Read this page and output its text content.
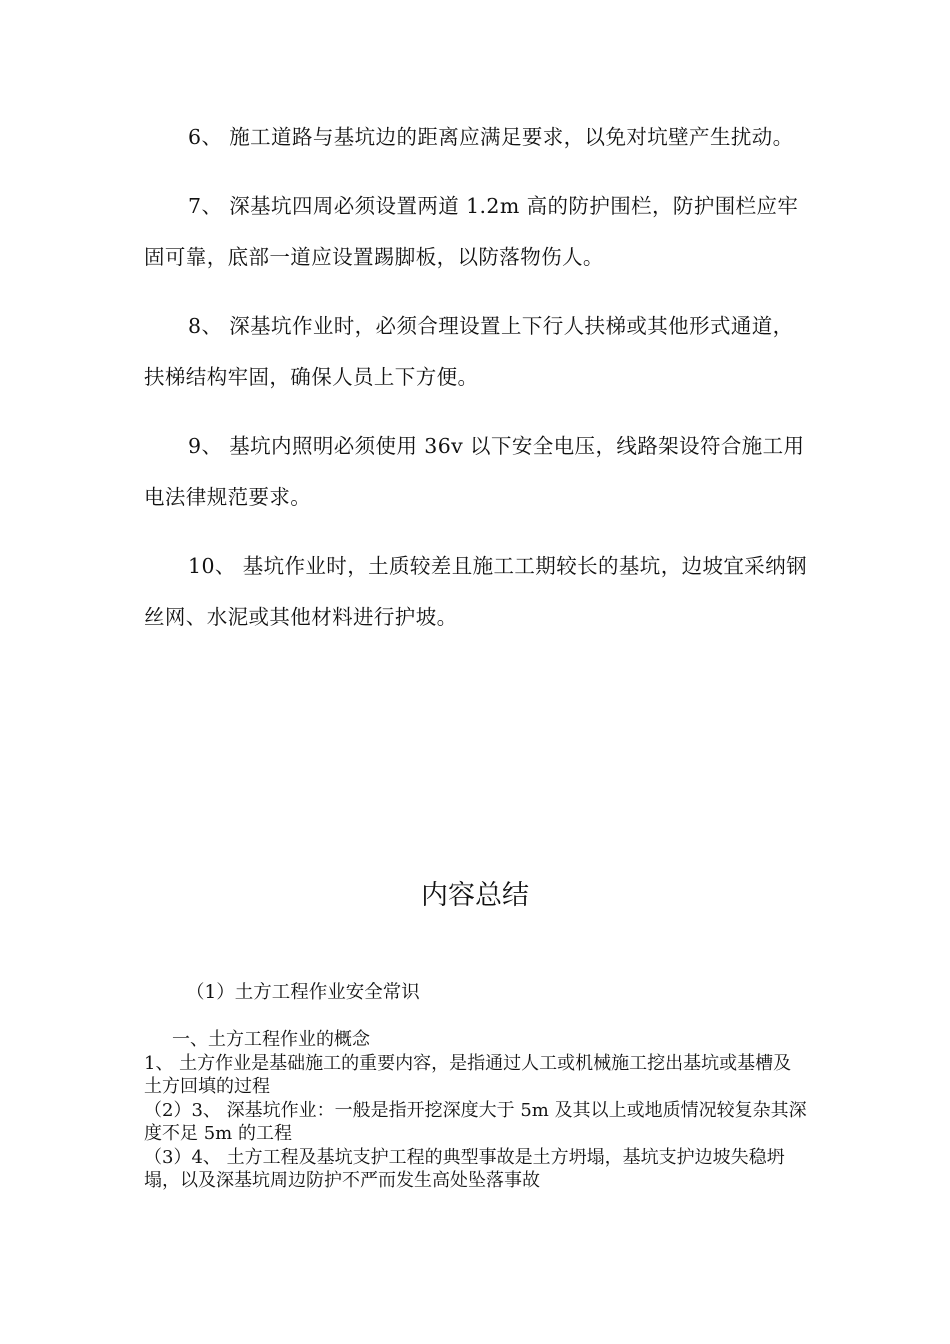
6、 施工道路与基坑边的距离应满足要求，以免对坑壁产生扰动。

7、 深基坑四周必须设置两道 1.2m 高的防护围栏，防护围栏应牢固可靠，底部一道应设置踢脚板，以防落物伤人。

8、 深基坑作业时，必须合理设置上下行人扶梯或其他形式通道，扶梯结构牢固，确保人员上下方便。

9、 基坑内照明必须使用 36v 以下安全电压，线路架设符合施工用电法律规范要求。

10、 基坑作业时，土质较差且施工工期较长的基坑，边坡宜采纳钢丝网、水泥或其他材料进行护坡。

内容总结

（1）土方工程作业安全常识

一、土方工程作业的概念

1、 土方作业是基础施工的重要内容，是指通过人工或机械施工挖出基坑或基槽及土方回填的过程

（2）3、 深基坑作业：一般是指开挖深度大于 5m 及其以上或地质情况较复杂其深度不足 5m 的工程

（3）4、 土方工程及基坑支护工程的典型事故是土方坍塌，基坑支护边坡失稳坍塌，以及深基坑周边防护不严而发生高处坠落事故
